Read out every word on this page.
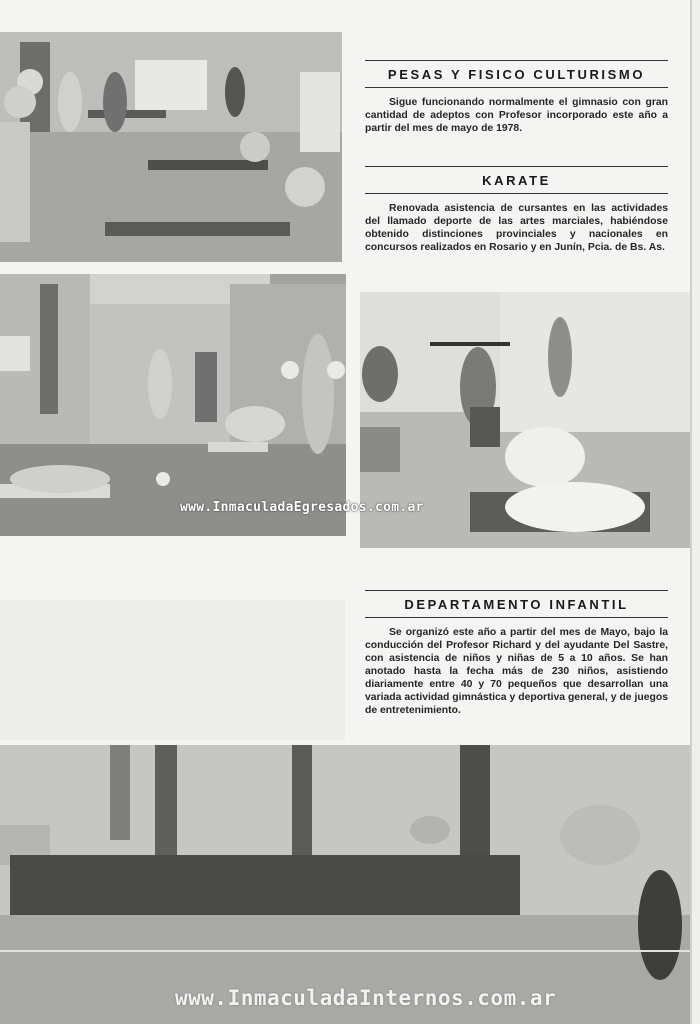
PESAS Y FISICO CULTURISMO
Sigue funcionando normalmente el gimnasio con gran cantidad de adeptos con Profesor incorporado este año a partir del mes de mayo de 1978.
KARATE
Renovada asistencia de cursantes en las actividades del llamado deporte de las artes marciales, habiéndose obtenido distinciones provinciales y nacionales en concursos realizados en Rosario y en Junín, Pcia. de Bs. As.
DEPARTAMENTO INFANTIL
Se organizó este año a partir del mes de Mayo, bajo la conducción del Profesor Richard y del ayudante Del Sastre, con asistencia de niños y niñas de 5 a 10 años. Se han anotado hasta la fecha más de 230 niños, asistiendo diariamente entre 40 y 70 pequeños que desarrollan una variada actividad gimnástica y deportiva general, y de juegos de entretenimiento.
www.InmaculadaEgresados.com.ar
www.InmaculadaInternos.com.ar
